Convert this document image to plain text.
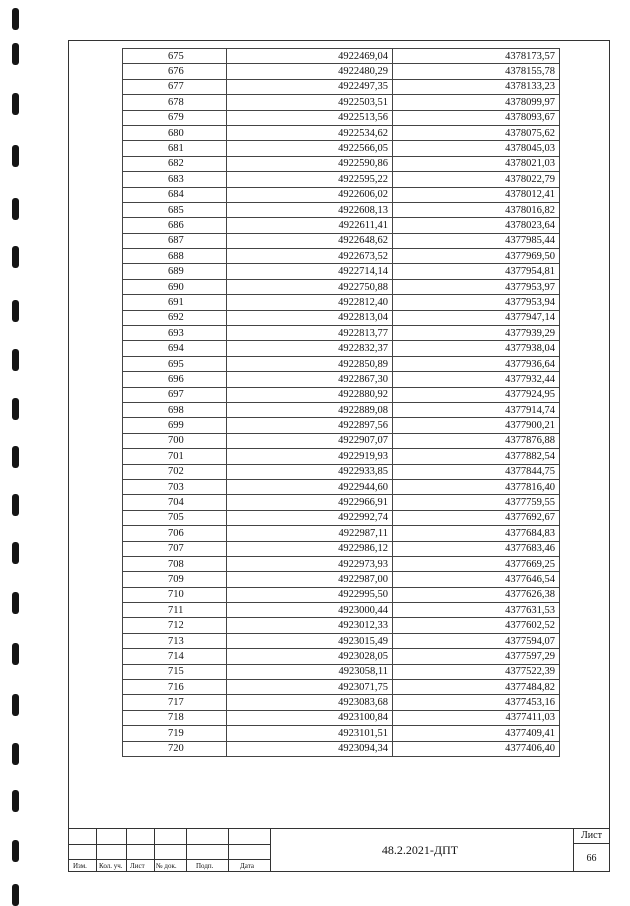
675	4922469,04	4378173,57
676	4922480,29	4378155,78
677	4922497,35	4378133,23
678	4922503,51	4378099,97
679	4922513,56	4378093,67
680	4922534,62	4378075,62
681	4922566,05	4378045,03
682	4922590,86	4378021,03
683	4922595,22	4378022,79
684	4922606,02	4378012,41
685	4922608,13	4378016,82
686	4922611,41	4378023,64
687	4922648,62	4377985,44
688	4922673,52	4377969,50
689	4922714,14	4377954,81
690	4922750,88	4377953,97
691	4922812,40	4377953,94
692	4922813,04	4377947,14
693	4922813,77	4377939,29
694	4922832,37	4377938,04
695	4922850,89	4377936,64
696	4922867,30	4377932,44
697	4922880,92	4377924,95
698	4922889,08	4377914,74
699	4922897,56	4377900,21
700	4922907,07	4377876,88
701	4922919,93	4377882,54
702	4922933,85	4377844,75
703	4922944,60	4377816,40
704	4922966,91	4377759,55
705	4922992,74	4377692,67
706	4922987,11	4377684,83
707	4922986,12	4377683,46
708	4922973,93	4377669,25
709	4922987,00	4377646,54
710	4922995,50	4377626,38
711	4923000,44	4377631,53
712	4923012,33	4377602,52
713	4923015,49	4377594,07
714	4923028,05	4377597,29
715	4923058,11	4377522,39
716	4923071,75	4377484,82
717	4923083,68	4377453,16
718	4923100,84	4377411,03
719	4923101,51	4377409,41
720	4923094,34	4377406,40
Изм. Кол. уч. Лист № док.	Подп.	Дата
48.2.2021-ДПТ
Лист
66
